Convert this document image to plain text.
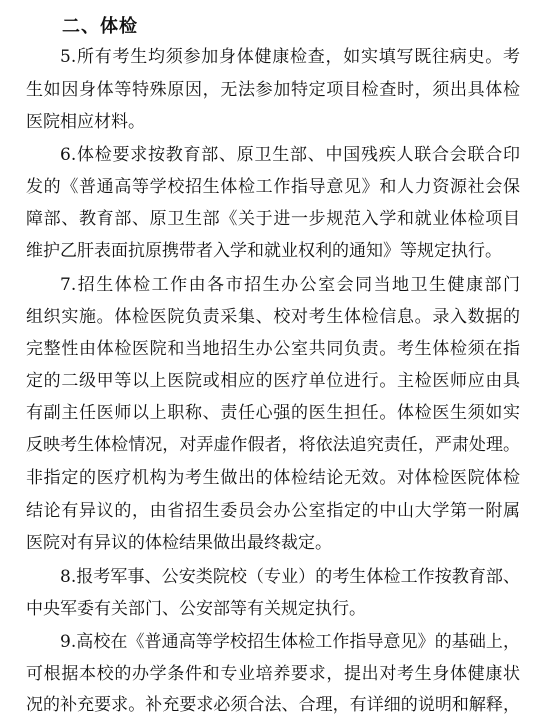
二、体检
5.所有考生均须参加身体健康检查，如实填写既往病史。考
生如因身体等特殊原因，无法参加特定项目检查时，须出具体检
医院相应材料。
6.体检要求按教育部、原卫生部、中国残疾人联合会联合印
发的《普通高等学校招生体检工作指导意见》和人力资源社会保
障部、教育部、原卫生部《关于进一步规范入学和就业体检项目
维护乙肝表面抗原携带者入学和就业权利的通知》等规定执行。
7.招生体检工作由各市招生办公室会同当地卫生健康部门
组织实施。体检医院负责采集、校对考生体检信息。录入数据的
完整性由体检医院和当地招生办公室共同负责。考生体检须在指
定的二级甲等以上医院或相应的医疗单位进行。主检医师应由具
有副主任医师以上职称、责任心强的医生担任。体检医生须如实
反映考生体检情况，对弄虚作假者，将依法追究责任，严肃处理。
非指定的医疗机构为考生做出的体检结论无效。对体检医院体检
结论有异议的，由省招生委员会办公室指定的中山大学第一附属
医院对有异议的体检结果做出最终裁定。
8.报考军事、公安类院校（专业）的考生体检工作按教育部、
中央军委有关部门、公安部等有关规定执行。
9.高校在《普通高等学校招生体检工作指导意见》的基础上，
可根据本校的办学条件和专业培养要求，提出对考生身体健康状
况的补充要求。补充要求必须合法、合理，有详细的说明和解释，
